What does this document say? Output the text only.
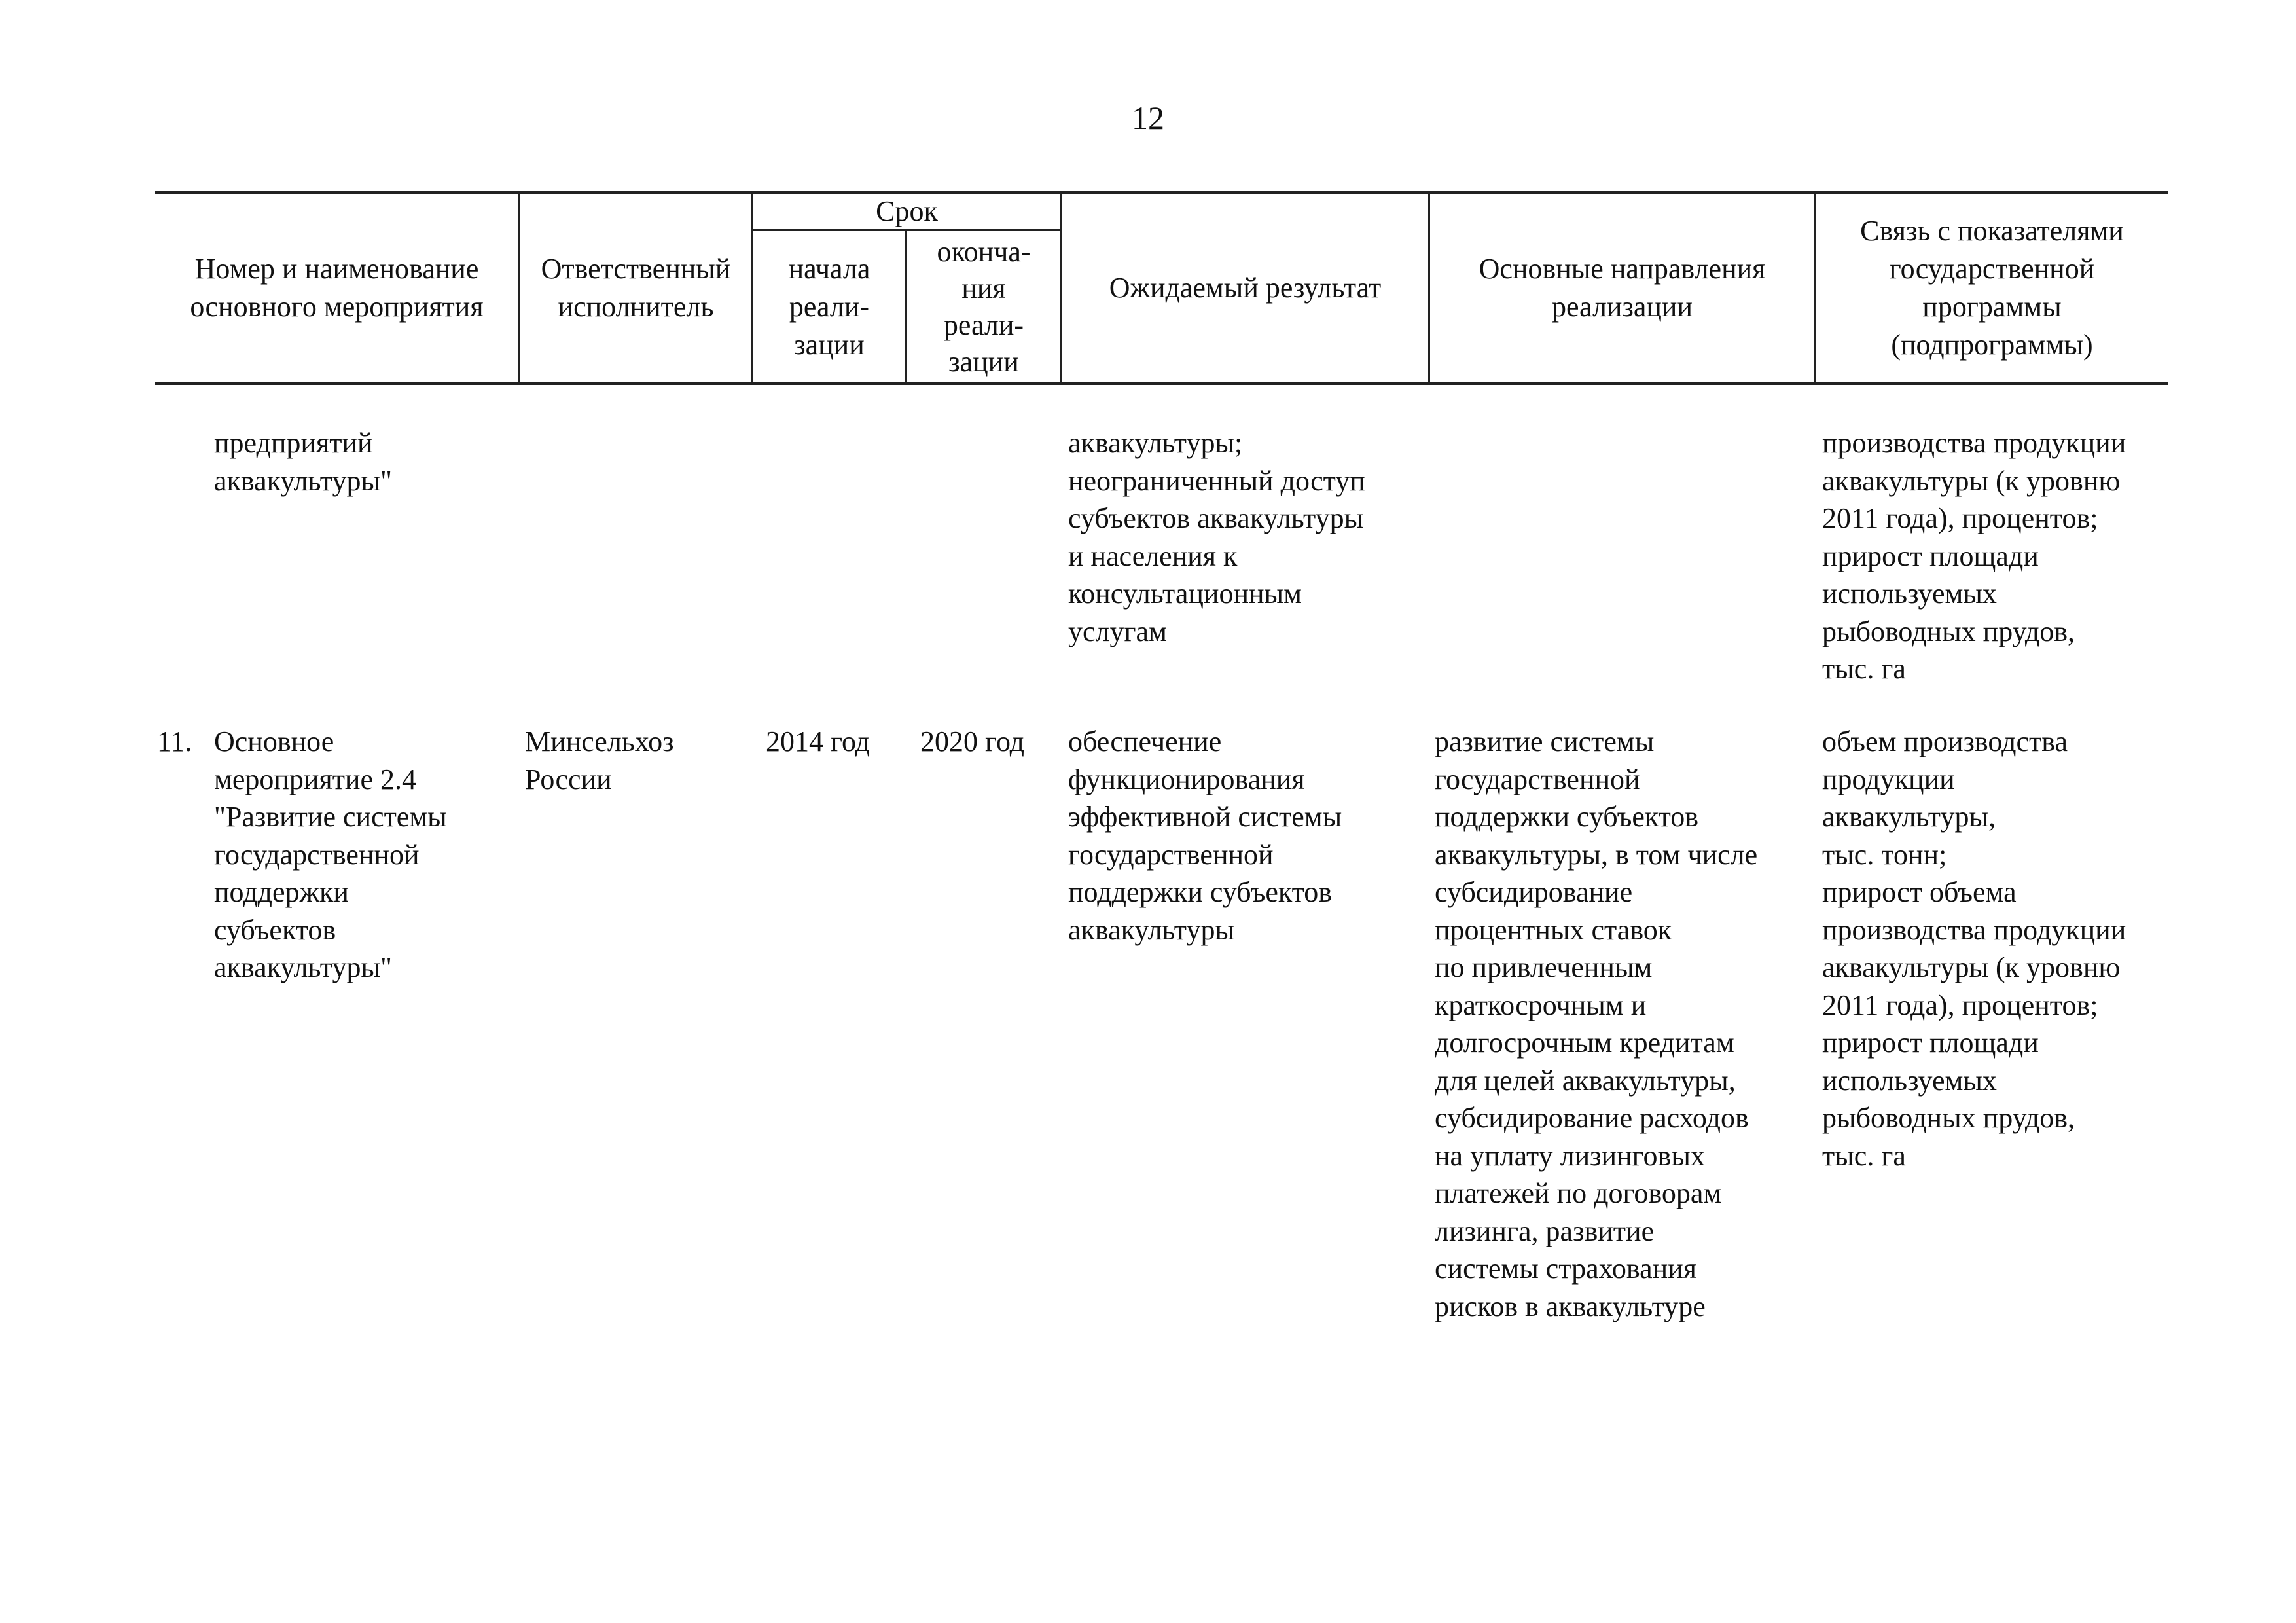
12
Номер и наименование
основного мероприятия
Ответственный
исполнитель
Срок
начала
реали-
зации
оконча-
ния
реали-
зации
Ожидаемый результат
Основные направления
реализации
Связь с показателями
государственной
программы
(подпрограммы)
предприятий
аквакультуры"
аквакультуры;
неограниченный доступ
субъектов аквакультуры
и населения к
консультационным
услугам
производства продукции
аквакультуры (к уровню
2011 года), процентов;
прирост площади
используемых
рыбоводных прудов,
тыс. га
11. Основное
мероприятие 2.4
"Развитие системы
государственной
поддержки
субъектов
аквакультуры"
Минсельхоз
России
2014 год	2020 год	обеспечение
функционирования
эффективной системы
государственной
поддержки субъектов
аквакультуры
развитие системы
государственной
поддержки субъектов
аквакультуры, в том числе
субсидирование
процентных ставок
по привлеченным
краткосрочным и
долгосрочным кредитам
для целей аквакультуры,
субсидирование расходов
на уплату лизинговых
платежей по договорам
лизинга, развитие
системы страхования
рисков в аквакультуре
объем производства
продукции
аквакультуры,
тыс. тонн;
прирост объема
производства продукции
аквакультуры (к уровню
2011 года), процентов;
прирост площади
используемых
рыбоводных прудов,
тыс. га
